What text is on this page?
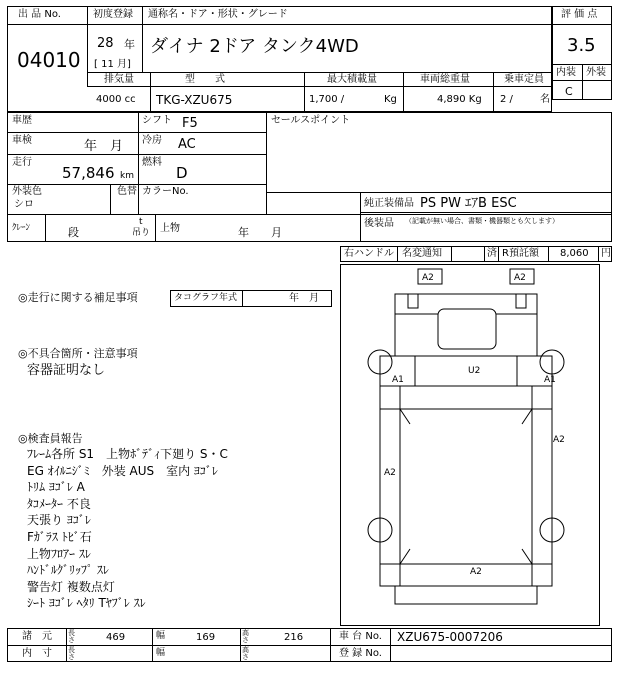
出 品 No.
04010
初度登録
28 年
[ 11 月]
通称名・ドア・形状・グレード
ダイナ 2ドア タンク4WD
評 価 点
3.5
内装 外装
C
排気量
4000 cc
型　　式
TKG-XZU675
最大積載量
1,700 /	Kg
車両総重量
4,890 Kg
乗車定員
2 /	名
車歴	シフト F5
車検	年　月 冷房 AC
走行
57,846 km
燃料
D
外装色
シロ
色替 カラーNo.
セールスポイント
純正装備品 PS PW ｴｱB ESC
後装品 （記載が無い場合、書類・機器類とも欠します）
ｸﾚｰﾝ	段
t
吊り 上物	年　　月
右ハンドル 名変通知	済 R預託額 8,060 円
◎走行に関する補足事項	タコグラフ年式	年　月
◎不具合箇所・注意事項
容器証明なし
◎検査員報告
ﾌﾚｰﾑ各所 S1　上物ﾎﾞﾃﾞｨ下廻り S・C
EG ｵｲﾙﾆｼﾞﾐ　外装 AUS　室内 ﾖｺﾞﾚ
ﾄﾘﾑ ﾖｺﾞﾚ A
ﾀｺﾒｰﾀｰ 不良
天張り ﾖｺﾞﾚ
Fｶﾞﾗｽ ﾄﾋﾞ石
上物ﾌﾛｱｰ ｽﾚ
ﾊﾝﾄﾞﾙｸﾞﾘｯﾌﾟ ｽﾚ
警告灯 複数点灯
ｼｰﾄ ﾖｺﾞﾚ ﾍﾀﾘ Tﾔﾌﾞﾚ ｽﾚ
A2	A2
U2
A1	A1
A2
A2
A2
諸　元 長さ	469	幅	169	高さ	216	車 台 No. XZU675-0007206
内　寸 長さ	幅	高さ	登 録 No.
